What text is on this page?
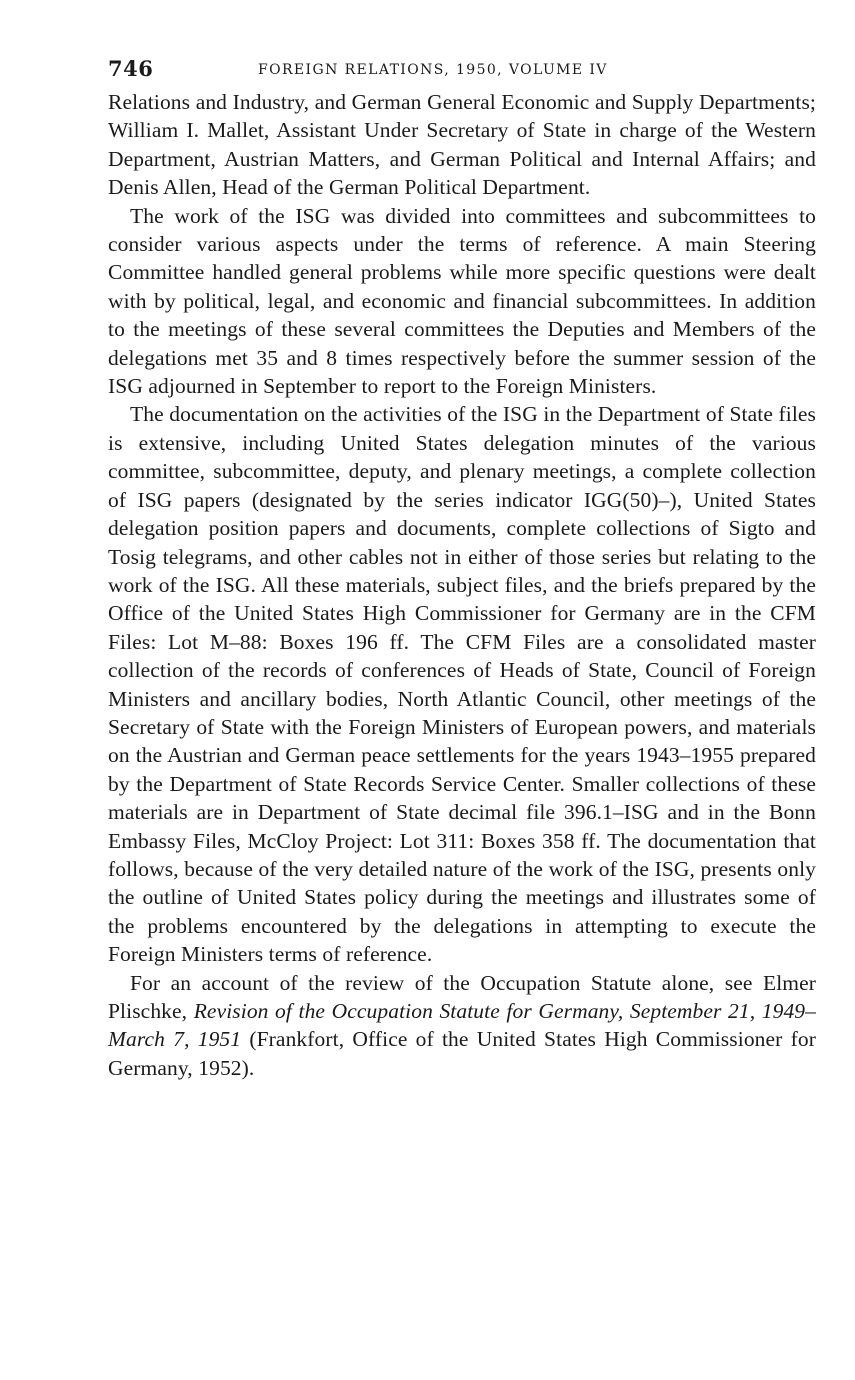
746	FOREIGN RELATIONS, 1950, VOLUME IV

Relations and Industry, and German General Economic and Supply Departments; William I. Mallet, Assistant Under Secretary of State in charge of the Western Department, Austrian Matters, and German Political and Internal Affairs; and Denis Allen, Head of the German Political Department.

The work of the ISG was divided into committees and subcommittees to consider various aspects under the terms of reference. A main Steering Committee handled general problems while more specific questions were dealt with by political, legal, and economic and financial subcommittees. In addition to the meetings of these several committees the Deputies and Members of the delegations met 35 and 8 times respectively before the summer session of the ISG adjourned in September to report to the Foreign Ministers.

The documentation on the activities of the ISG in the Department of State files is extensive, including United States delegation minutes of the various committee, subcommittee, deputy, and plenary meetings, a complete collection of ISG papers (designated by the series indicator IGG(50)–), United States delegation position papers and documents, complete collections of Sigto and Tosig telegrams, and other cables not in either of those series but relating to the work of the ISG. All these materials, subject files, and the briefs prepared by the Office of the United States High Commissioner for Germany are in the CFM Files: Lot M–88: Boxes 196 ff. The CFM Files are a consolidated master collection of the records of conferences of Heads of State, Council of Foreign Ministers and ancillary bodies, North Atlantic Council, other meetings of the Secretary of State with the Foreign Ministers of European powers, and materials on the Austrian and German peace settlements for the years 1943–1955 prepared by the Department of State Records Service Center. Smaller collections of these materials are in Department of State decimal file 396.1–ISG and in the Bonn Embassy Files, McCloy Project: Lot 311: Boxes 358 ff. The documentation that follows, because of the very detailed nature of the work of the ISG, presents only the outline of United States policy during the meetings and illustrates some of the problems encountered by the delegations in attempting to execute the Foreign Ministers terms of reference.

For an account of the review of the Occupation Statute alone, see Elmer Plischke, Revision of the Occupation Statute for Germany, September 21, 1949–March 7, 1951 (Frankfort, Office of the United States High Commissioner for Germany, 1952).
